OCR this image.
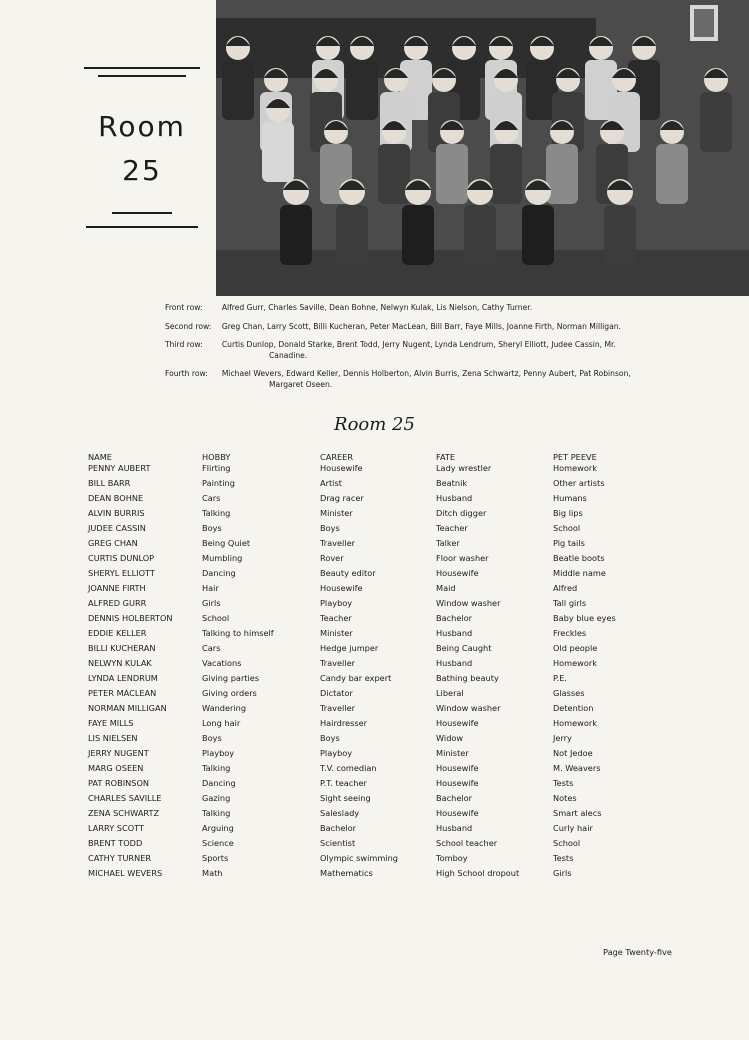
Room
25
Front row:	Alfred Gurr, Charles Saville, Dean Bohne, Nelwyn Kulak, Lis Nielson, Cathy Turner.
Second row: Greg Chan, Larry Scott, Billi Kucheran, Peter MacLean, Bill Barr, Faye Mills, Joanne Firth, Norman Milligan.
Third row:	Curtis Dunlop, Donald Starke, Brent Todd, Jerry Nugent, Lynda Lendrum, Sheryl Elliott, Judee Cassin, Mr. Canadine.
Fourth row: Michael Wevers, Edward Keller, Dennis Holberton, Alvin Burris, Zena Schwartz, Penny Aubert, Pat Robinson, Margaret Oseen.
Room 25
NAME	HOBBY	CAREER	FATE	PET PEEVE
PENNY AUBERT	Flirting	Housewife	Lady wrestler	Homework
BILL BARR	Painting	Artist	Beatnik	Other artists
DEAN BOHNE	Cars	Drag racer	Husband	Humans
ALVIN BURRIS	Talking	Minister	Ditch digger	Big lips
JUDEE CASSIN	Boys	Boys	Teacher	School
GREG CHAN	Being Quiet	Traveller	Talker	Pig tails
CURTIS DUNLOP	Mumbling	Rover	Floor washer	Beatle boots
SHERYL ELLIOTT	Dancing	Beauty editor	Housewife	Middle name
JOANNE FIRTH	Hair	Housewife	Maid	Alfred
ALFRED GURR	Girls	Playboy	Window washer	Tall girls
DENNIS HOLBERTON	School	Teacher	Bachelor	Baby blue eyes
EDDIE KELLER	Talking to himself	Minister	Husband	Freckles
BILLI KUCHERAN	Cars	Hedge jumper	Being Caught	Old people
NELWYN KULAK	Vacations	Traveller	Husband	Homework
LYNDA LENDRUM	Giving parties	Candy bar expert	Bathing beauty	P.E.
PETER MACLEAN	Giving orders	Dictator	Liberal	Glasses
NORMAN MILLIGAN	Wandering	Traveller	Window washer	Detention
FAYE MILLS	Long hair	Hairdresser	Housewife	Homework
LIS NIELSEN	Boys	Boys	Widow	Jerry
JERRY NUGENT	Playboy	Playboy	Minister	Not Jedoe
MARG OSEEN	Talking	T.V. comedian	Housewife	M. Weavers
PAT ROBINSON	Dancing	P.T. teacher	Housewife	Tests
CHARLES SAVILLE	Gazing	Sight seeing	Bachelor	Notes
ZENA SCHWARTZ	Talking	Saleslady	Housewife	Smart alecs
LARRY SCOTT	Arguing	Bachelor	Husband	Curly hair
BRENT TODD	Science	Scientist	School teacher	School
CATHY TURNER	Sports	Olympic swimming	Tomboy	Tests
MICHAEL WEVERS	Math	Mathematics	High School dropout	Girls
Page Twenty-five
